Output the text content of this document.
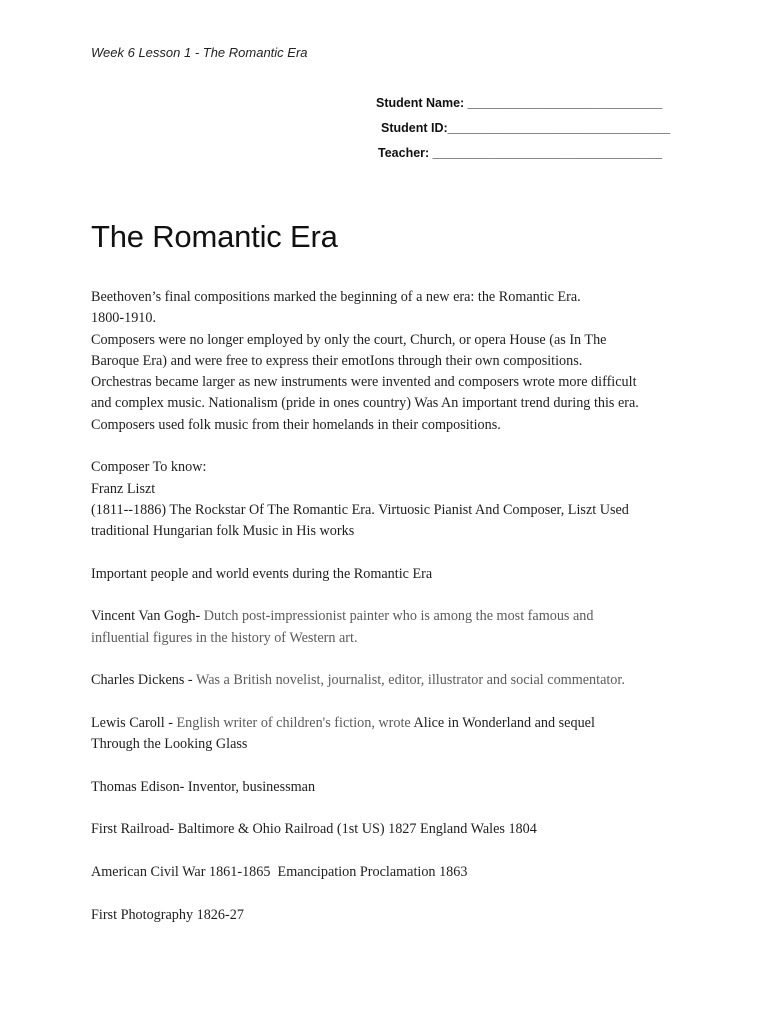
Week 6 Lesson 1 - The Romantic Era
Student Name: ____________________________
Student ID:________________________________
Teacher: _________________________________
The Romantic Era

Beethoven’s final compositions marked the beginning of a new era: the Romantic Era.

1800-1910.

Composers were no longer employed by only the court, Church, or opera House (as In The

Baroque Era) and were free to express their emotIons through their own compositions.

Orchestras became larger as new instruments were invented and composers wrote more difficult

and complex music. Nationalism (pride in ones country) Was An important trend during this era.

Composers used folk music from their homelands in their compositions.

Composer To know:

Franz Liszt

(1811--1886) The Rockstar Of The Romantic Era. Virtuosic Pianist And Composer, Liszt Used

traditional Hungarian folk Music in His works

Important people and world events during the Romantic Era

Vincent Van Gogh- Dutch post-impressionist painter who is among the most famous and

influential figures in the history of Western art.

Charles Dickens - Was a British novelist, journalist, editor, illustrator and social commentator.

Lewis Caroll - English writer of children's fiction, wrote Alice in Wonderland and sequel

Through the Looking Glass

Thomas Edison- Inventor, businessman

First Railroad- Baltimore & Ohio Railroad (1st US) 1827 England Wales 1804

American Civil War 1861-1865  Emancipation Proclamation 1863

First Photography 1826-27
